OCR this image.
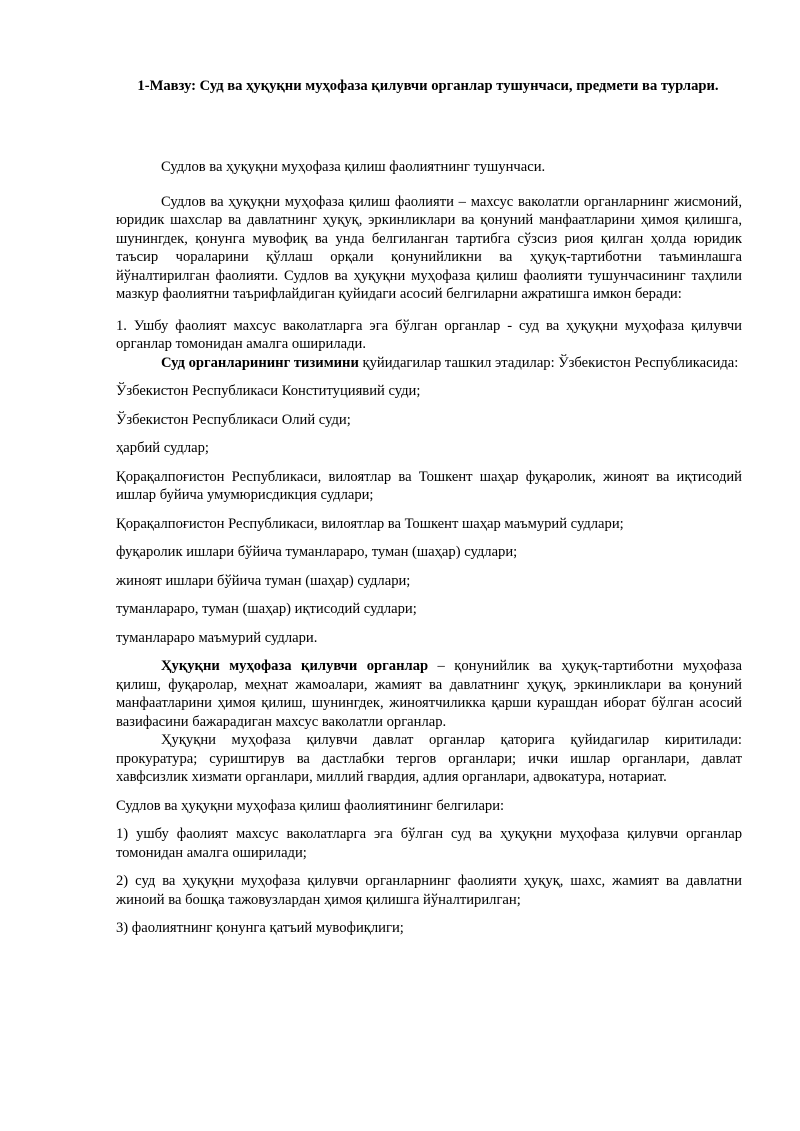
1-Мавзу: Суд ва ҳуқуқни муҳофаза қилувчи органлар тушунчаси, предмети ва турлари.

Судлов ва ҳуқуқни муҳофаза қилиш фаолиятнинг тушунчаси.

Судлов ва ҳуқуқни муҳофаза қилиш фаолияти – махсус ваколатли органларнинг жисмоний, юридик шахслар ва давлатнинг ҳуқуқ, эркинликлари ва қонуний манфаатларини ҳимоя қилишга, шунингдек, қонунга мувофиқ ва унда белгиланган тартибга сўзсиз риоя қилган ҳолда юридик таъсир чораларини қўллаш орқали қонунийликни ва ҳуқуқ-тартиботни таъминлашга йўналтирилган фаолияти. Судлов ва ҳуқуқни муҳофаза қилиш фаолияти тушунчасининг таҳлили мазкур фаолиятни таърифлайдиган қуйидаги асосий белгиларни ажратишга имкон беради:

1. Ушбу фаолият махсус ваколатларга эга бўлган органлар - суд ва ҳуқуқни муҳофаза қилувчи органлар томонидан амалга оширилади.

Суд органларининг тизимини қуйидагилар ташкил этадилар: Ўзбекистон Республикасида:

Ўзбекистон Республикаси Конституциявий суди;

Ўзбекистон Республикаси Олий суди;

ҳарбий судлар;

Қорақалпоғистон Республикаси, вилоятлар ва Тошкент шаҳар фуқаролик, жиноят ва иқтисодий ишлар буйича умумюрисдикция судлари;

Қорақалпоғистон Республикаси, вилоятлар ва Тошкент шаҳар маъмурий судлари;

фуқаролик ишлари бўйича туманлараро, туман (шаҳар) судлари;

жиноят ишлари бўйича туман (шаҳар) судлари;

туманлараро, туман (шаҳар) иқтисодий судлари;

туманлараро маъмурий судлари.

Ҳуқуқни муҳофаза қилувчи органлар – қонунийлик ва ҳуқуқ-тартиботни муҳофаза қилиш, фуқаролар, меҳнат жамоалари, жамият ва давлатнинг ҳуқуқ, эркинликлари ва қонуний манфаатларини ҳимоя қилиш, шунингдек, жиноятчиликка қарши курашдан иборат бўлган асосий вазифасини бажарадиган махсус ваколатли органлар.

Ҳуқуқни муҳофаза қилувчи давлат органлар қаторига қуйидагилар киритилади: прокуратура; суриштирув ва дастлабки тергов органлари; ички ишлар органлари, давлат хавфсизлик хизмати органлари, миллий гвардия, адлия органлари, адвокатура, нотариат.

Судлов ва ҳуқуқни муҳофаза қилиш фаолиятининг белгилари:

1) ушбу фаолият махсус ваколатларга эга бўлган суд ва ҳуқуқни муҳофаза қилувчи органлар томонидан амалга оширилади;

2) суд ва ҳуқуқни муҳофаза қилувчи органларнинг фаолияти ҳуқуқ, шахс, жамият ва давлатни жиноий ва бошқа тажовузлардан ҳимоя қилишга йўналтирилган;

3) фаолиятнинг қонунга қатъий мувофиқлиги;
